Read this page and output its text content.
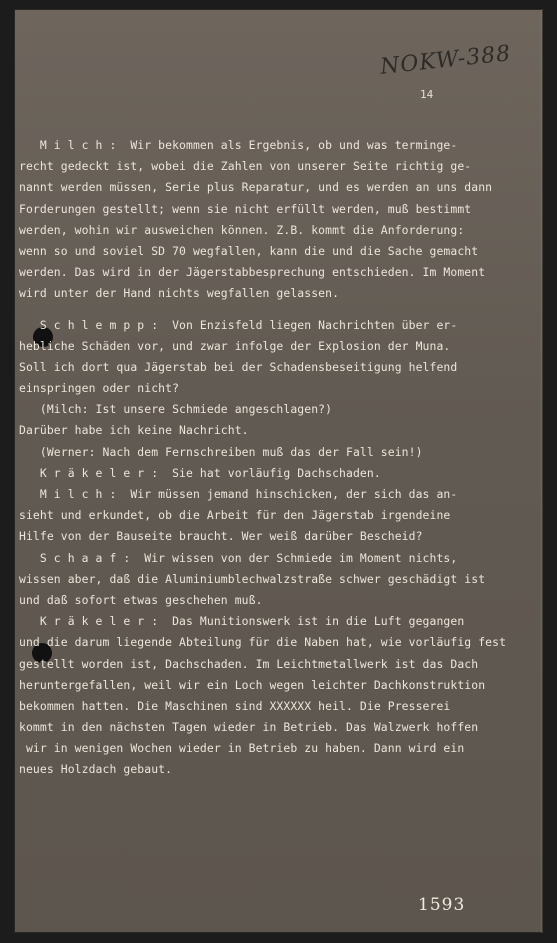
NOKW-388
14
M i l c h :  Wir bekommen als Ergebnis, ob und was terminge-
recht gedeckt ist, wobei die Zahlen von unserer Seite richtig ge-
nannt werden müssen, Serie plus Reparatur, und es werden an uns dann
Forderungen gestellt; wenn sie nicht erfüllt werden, muß bestimmt
werden, wohin wir ausweichen können. Z.B. kommt die Anforderung:
wenn so und soviel SD 70 wegfallen, kann die und die Sache gemacht
werden. Das wird in der Jägerstabbesprechung entschieden. Im Moment
wird unter der Hand nichts wegfallen gelassen.
S c h l e m p p :  Von Enzisfeld liegen Nachrichten über er-
hebliche Schäden vor, und zwar infolge der Explosion der Muna.
Soll ich dort qua Jägerstab bei der Schadensbeseitigung helfend
einspringen oder nicht?
(Milch: Ist unsere Schmiede angeschlagen?)
Darüber habe ich keine Nachricht.
(Werner: Nach dem Fernschreiben muß das der Fall sein!)
K r ä k e l e r :  Sie hat vorläufig Dachschaden.
M i l c h :  Wir müssen jemand hinschicken, der sich das an-
sieht und erkundet, ob die Arbeit für den Jägerstab irgendeine
Hilfe von der Bauseite braucht. Wer weiß darüber Bescheid?
S c h a a f :  Wir wissen von der Schmiede im Moment nichts,
wissen aber, daß die Aluminiumblechwalzstraße schwer geschädigt ist
und daß sofort etwas geschehen muß.
K r ä k e l e r :  Das Munitionswerk ist in die Luft gegangen
und die darum liegende Abteilung für die Naben hat, wie vorläufig fest
gestellt worden ist, Dachschaden. Im Leichtmetallwerk ist das Dach
heruntergefallen, weil wir ein Loch wegen leichter Dachkonstruktion
bekommen hatten. Die Maschinen sind XXXXXX heil. Die Presserei
kommt in den nächsten Tagen wieder in Betrieb. Das Walzwerk hoffen
wir in wenigen Wochen wieder in Betrieb zu haben. Dann wird ein
neues Holzdach gebaut.
1593
